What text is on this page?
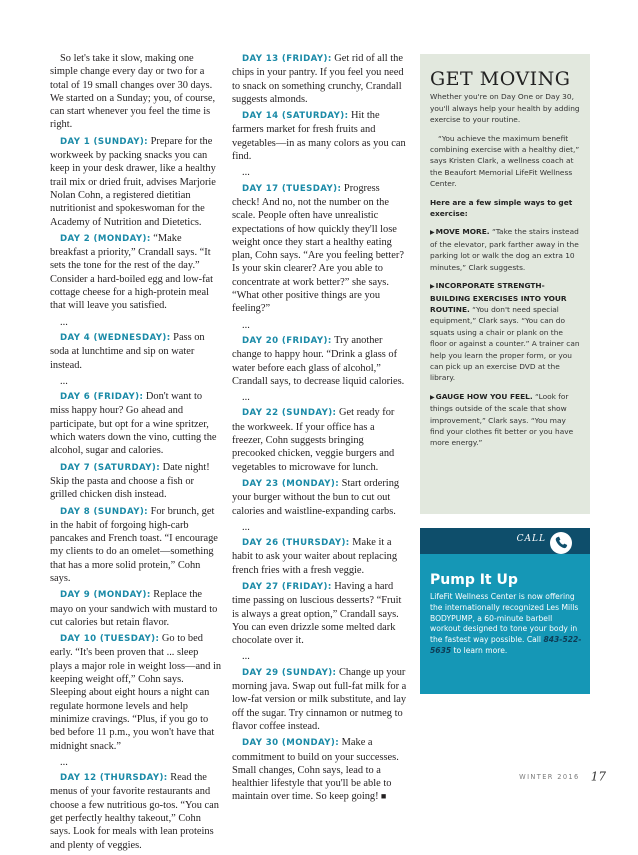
So let's take it slow, making one simple change every day or two for a total of 19 small changes over 30 days. We started on a Sunday; you, of course, can start whenever you feel the time is right.

DAY 1 (SUNDAY): Prepare for the workweek by packing snacks you can keep in your desk drawer, like a healthy trail mix or dried fruit, advises Marjorie Nolan Cohn, a registered dietitian nutritionist and spokeswoman for the Academy of Nutrition and Dietetics.

DAY 2 (MONDAY): “Make breakfast a priority,” Crandall says. “It sets the tone for the rest of the day.” Consider a hard-boiled egg and low-fat cottage cheese for a high-protein meal that will leave you satisfied.

...

DAY 4 (WEDNESDAY): Pass on soda at lunchtime and sip on water instead.

...

DAY 6 (FRIDAY): Don't want to miss happy hour? Go ahead and participate, but opt for a wine spritzer, which waters down the vino, cutting the alcohol, sugar and calories.

DAY 7 (SATURDAY): Date night! Skip the pasta and choose a fish or grilled chicken dish instead.

DAY 8 (SUNDAY): For brunch, get in the habit of forgoing high-carb pancakes and French toast. “I encourage my clients to do an omelet—something that has a more solid protein,” Cohn says.

DAY 9 (MONDAY): Replace the mayo on your sandwich with mustard to cut calories but retain flavor.

DAY 10 (TUESDAY): Go to bed early. “It's been proven that ... sleep plays a major role in weight loss—and in keeping weight off,” Cohn says. Sleeping about eight hours a night can regulate hormone levels and help minimize cravings. “Plus, if you go to bed before 11 p.m., you won't have that midnight snack.”

...

DAY 12 (THURSDAY): Read the menus of your favorite restaurants and choose a few nutritious go-tos. “You can get perfectly healthy takeout,” Cohn says. Look for meals with lean proteins and plenty of veggies.

DAY 13 (FRIDAY): Get rid of all the chips in your pantry. If you feel you need to snack on something crunchy, Crandall suggests almonds.

DAY 14 (SATURDAY): Hit the farmers market for fresh fruits and vegetables—in as many colors as you can find.

...

DAY 17 (TUESDAY): Progress check! And no, not the number on the scale. People often have unrealistic expectations of how quickly they'll lose weight once they start a healthy eating plan, Cohn says. “Are you feeling better? Is your skin clearer? Are you able to concentrate at work better?” she says. “What other positive things are you feeling?”

...

DAY 20 (FRIDAY): Try another change to happy hour. “Drink a glass of water before each glass of alcohol,” Crandall says, to decrease liquid calories.

...

DAY 22 (SUNDAY): Get ready for the workweek. If your office has a freezer, Cohn suggests bringing precooked chicken, veggie burgers and vegetables to microwave for lunch.

DAY 23 (MONDAY): Start ordering your burger without the bun to cut out calories and waistline-expanding carbs.

...

DAY 26 (THURSDAY): Make it a habit to ask your waiter about replacing french fries with a fresh veggie.

DAY 27 (FRIDAY): Having a hard time passing on luscious desserts? “Fruit is always a great option,” Crandall says. You can even drizzle some melted dark chocolate over it.

...

DAY 29 (SUNDAY): Change up your morning java. Swap out full-fat milk for a low-fat version or milk substitute, and lay off the sugar. Try cinnamon or nutmeg to flavor coffee instead.

DAY 30 (MONDAY): Make a commitment to build on your successes. Small changes, Cohn says, lead to a healthier lifestyle that you'll be able to maintain over time. So keep going! ■

GET MOVING

Whether you're on Day One or Day 30, you'll always help your health by adding exercise to your routine.

“You achieve the maximum benefit combining exercise with a healthy diet,” says Kristen Clark, a wellness coach at the Beaufort Memorial LifeFit Wellness Center.

Here are a few simple ways to get exercise:

▶MOVE MORE. “Take the stairs instead of the elevator, park farther away in the parking lot or walk the dog an extra 10 minutes,” Clark suggests.

▶INCORPORATE STRENGTH-BUILDING EXERCISES INTO YOUR ROUTINE. “You don't need special equipment,” Clark says. “You can do squats using a chair or plank on the floor or against a counter.” A trainer can help you learn the proper form, or you can pick up an exercise DVD at the library.

▶GAUGE HOW YOU FEEL. “Look for things outside of the scale that show improvement,” Clark says. “You may find your clothes fit better or you have more energy.”

CALL
Pump It Up
LifeFit Wellness Center is now offering the internationally recognized Les Mills BODYPUMP, a 60-minute barbell workout designed to tone your body in the fastest way possible. Call 843-522-5635 to learn more.
WINTER 2016 17
